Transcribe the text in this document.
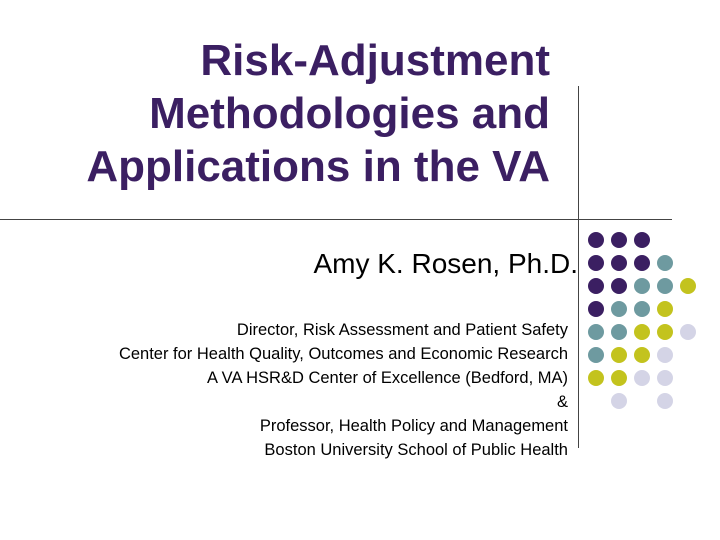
Risk-Adjustment
Methodologies and
Applications in the VA
Amy K. Rosen, Ph.D.
Director, Risk Assessment and Patient Safety
Center for Health Quality, Outcomes and Economic Research
A VA HSR&D Center of Excellence (Bedford, MA)
&
Professor, Health Policy and Management
Boston University School of Public Health
